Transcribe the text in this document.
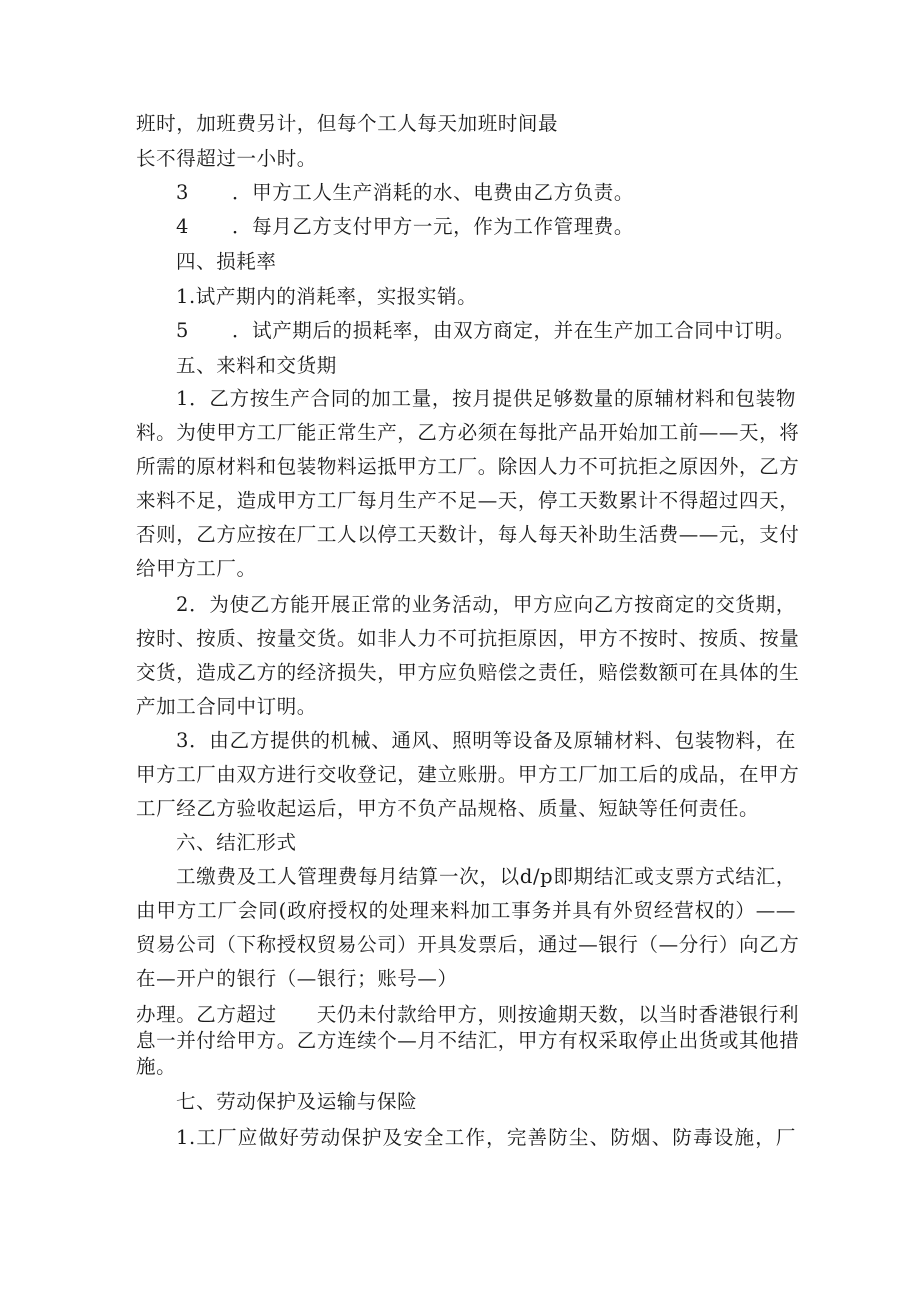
班时，加班费另计，但每个工人每天加班时间最
长不得超过一小时。
3 ．甲方工人生产消耗的水、电费由乙方负责。
4 ．每月乙方支付甲方一元，作为工作管理费。
四、损耗率
1.试产期内的消耗率，实报实销。
5 ．试产期后的损耗率，由双方商定，并在生产加工合同中订明。
五、来料和交货期
1．乙方按生产合同的加工量，按月提供足够数量的原辅材料和包装物
料。为使甲方工厂能正常生产，乙方必须在每批产品开始加工前——天，将
所需的原材料和包装物料运抵甲方工厂。除因人力不可抗拒之原因外，乙方
来料不足，造成甲方工厂每月生产不足—天，停工天数累计不得超过四天，
否则，乙方应按在厂工人以停工天数计，每人每天补助生活费——元，支付
给甲方工厂。
2．为使乙方能开展正常的业务活动，甲方应向乙方按商定的交货期，
按时、按质、按量交货。如非人力不可抗拒原因，甲方不按时、按质、按量
交货，造成乙方的经济损失，甲方应负赔偿之责任，赔偿数额可在具体的生
产加工合同中订明。
3．由乙方提供的机械、通风、照明等设备及原辅材料、包装物料，在
甲方工厂由双方进行交收登记，建立账册。甲方工厂加工后的成品，在甲方
工厂经乙方验收起运后，甲方不负产品规格、质量、短缺等任何责任。
六、结汇形式
工缴费及工人管理费每月结算一次，以d/p即期结汇或支票方式结汇，
由甲方工厂会同(政府授权的处理来料加工事务并具有外贸经营权的）——
贸易公司（下称授权贸易公司）开具发票后，通过—银行（—分行）向乙方
在—开户的银行（—银行；账号—）
办理。乙方超过 天仍未付款给甲方，则按逾期天数，以当时香港银行利
息一并付给甲方。乙方连续个—月不结汇，甲方有权采取停止出货或其他措
施。
七、劳动保护及运输与保险
1.工厂应做好劳动保护及安全工作，完善防尘、防烟、防毒设施，厂
